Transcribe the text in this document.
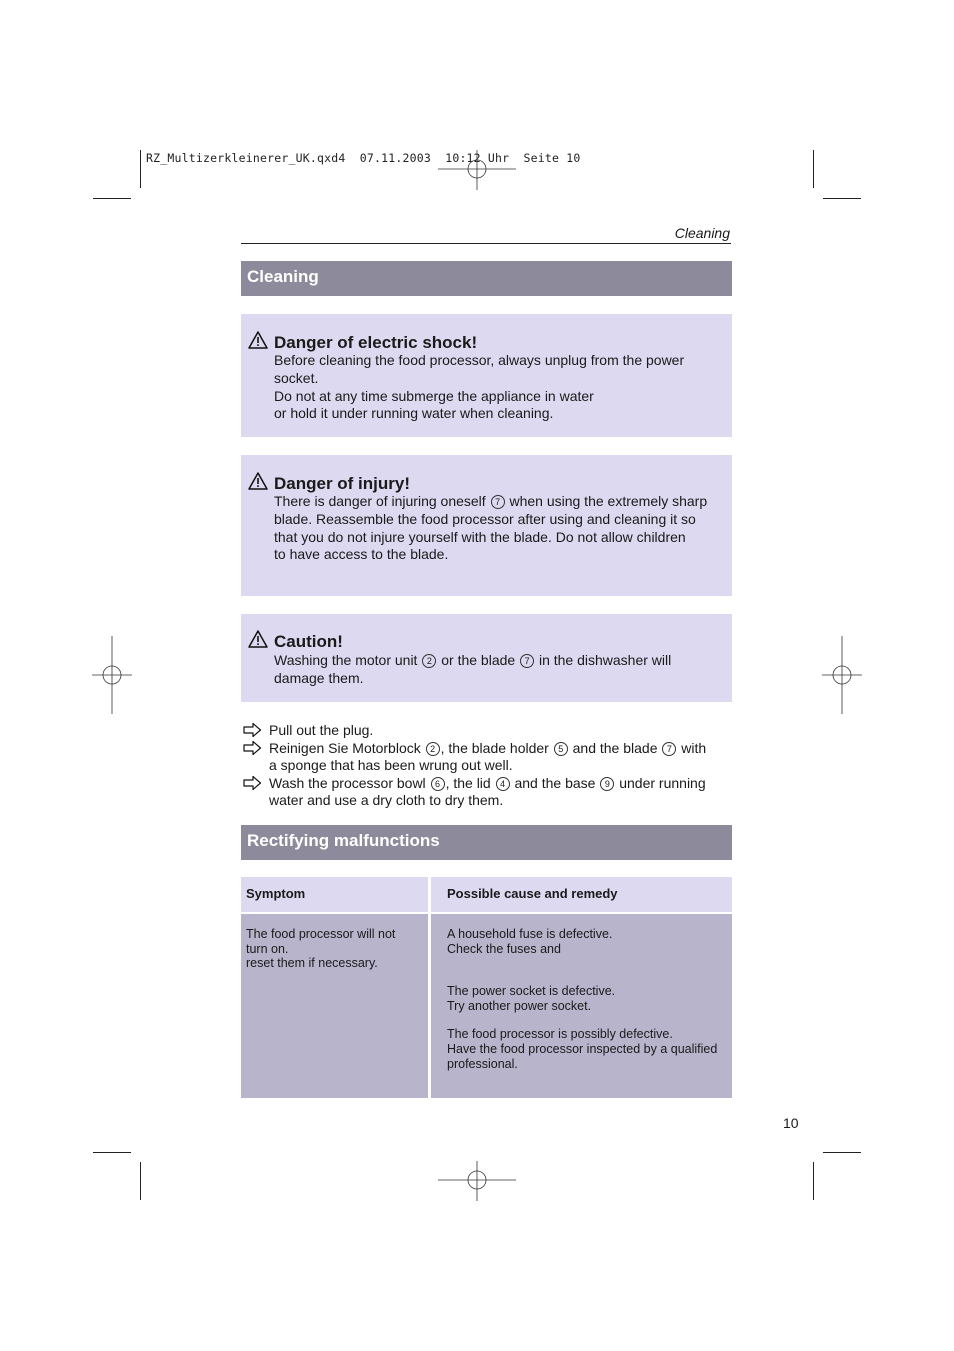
RZ_Multizerkleinerer_UK.qxd4  07.11.2003  10:12 Uhr  Seite 10
Cleaning
Cleaning
Danger of electric shock!

Before cleaning the food processor, always unplug from the power
socket.
Do not at any time submerge the appliance in water
or hold it under running water when cleaning.

Danger of injury!

There is danger of injuring oneself 7 when using the extremely sharp
blade. Reassemble the food processor after using and cleaning it so
that you do not injure yourself with the blade. Do not allow children
to have access to the blade.

Caution!

Washing the motor unit 2 or the blade 7 in the dishwasher will
damage them.

Pull out the plug.
Reinigen Sie Motorblock 2 , the blade holder 5 and the blade 7 with
a sponge that has been wrung out well.
Wash the processor bowl 6 , the lid 4 and the base 9 under running
water and use a dry cloth to dry them.
Rectifying malfunctions
Symptom	Possible cause and remedy
The food processor will not
turn on.
reset them if necessary.
A household fuse is defective.
Check the fuses and
The power socket is defective.
Try another power socket.
The food processor is possibly defective.
Have the food processor inspected by a qualified
professional.
10
